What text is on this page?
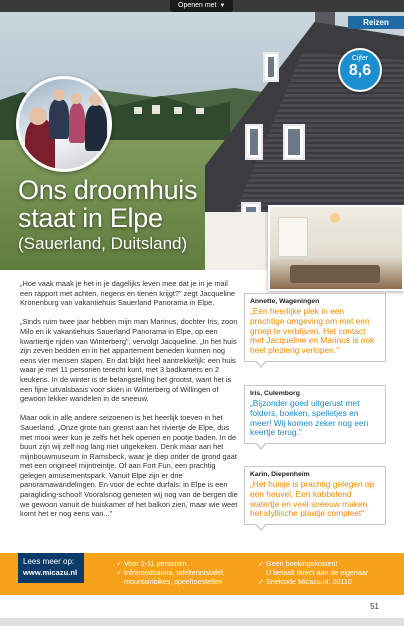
Openen met ▼
Reizen
Cijfer
8,6
Ons droomhuis
staat in Elpe
(Sauerland, Duitsland)

„Hoe vaak maak je het in je dagelijks leven mee dat je in je mail een rapport met achten, negens en tienen krijgt?" zegt Jacqueline Kronenburg van vakantiehuis Sauerland Panorama in Elpe.

„Sinds ruim twee jaar hebben mijn man Marinus, dochter Iris, zoon Milo en ik vakantiehuis Sauerland Panorama in Elpe, op een kwartiertje rijden van Winterberg", vervolgt Jacqueline. „In het huis zijn zeven bedden en in het appartement beneden kunnen nog eens vier mensen slapen. En dat blijkt heel aantrekkelijk: een huis waar je met 11 personen terecht kunt, met 3 badkamers en 2 keukens. In de winter is de belangstelling het grootst, want het is een fijne uitvalsbasis voor skiën in Winterberg of Willingen of gewoon lekker wandelen in de sneeuw.

Maar ook in alle andere seizoenen is het heerlijk toeven in het Sauerland. „Onze grote tuin grenst aan het riviertje de Elpe, dus met mooi weer kun je zelfs het hek openen en pootje baden. In de buurt zijn wij zelf nog lang niet uitgekeken. Denk maar aan het mijnbouwmuseum in Ramsbeck, waar je diep onder de grond gaat met een origineel mijntreintje. Of aan Fort Fun, een prachtig gelegen amusementspark. Vanuit Elpe zijn er drie panoramawandelingen. En voor de echte durfals: in Elpe is een paragliding-school! Vooralsnog genieten wij nog van de bergen die we gewoon vanuit de huiskamer of het balkon zien, maar wie weet komt het er nog eens van..."

Annette, Wageningen
„Een heerlijke plek in een prachtige omgeving om met een groep te verblijven. Het contact met Jacqueline en Marinus is ook heel plezierig verlopen."
Iris, Culemborg
„Bijzonder goed uitgerust met folders, boeken, spelletjes en meer! Wij komen zeker nog een keertje terug."
Karin, Diepenheim
„Het huisje is prachtig gelegen op een heuvel. Een kabbelend watertje en veel sneeuw maken het idyllische plaatje compleet"
Lees meer op:
www.micazu.nl
✓ Voor 2-11 personen
✓ Infraroodsauna, tafeltennistafel,
mountainbikes, speeltoestellen
✓ Geen boekingskosten!
U betaalt direct aan de eigenaar
✓ Snelcode Micazu.nl: 20110
51
